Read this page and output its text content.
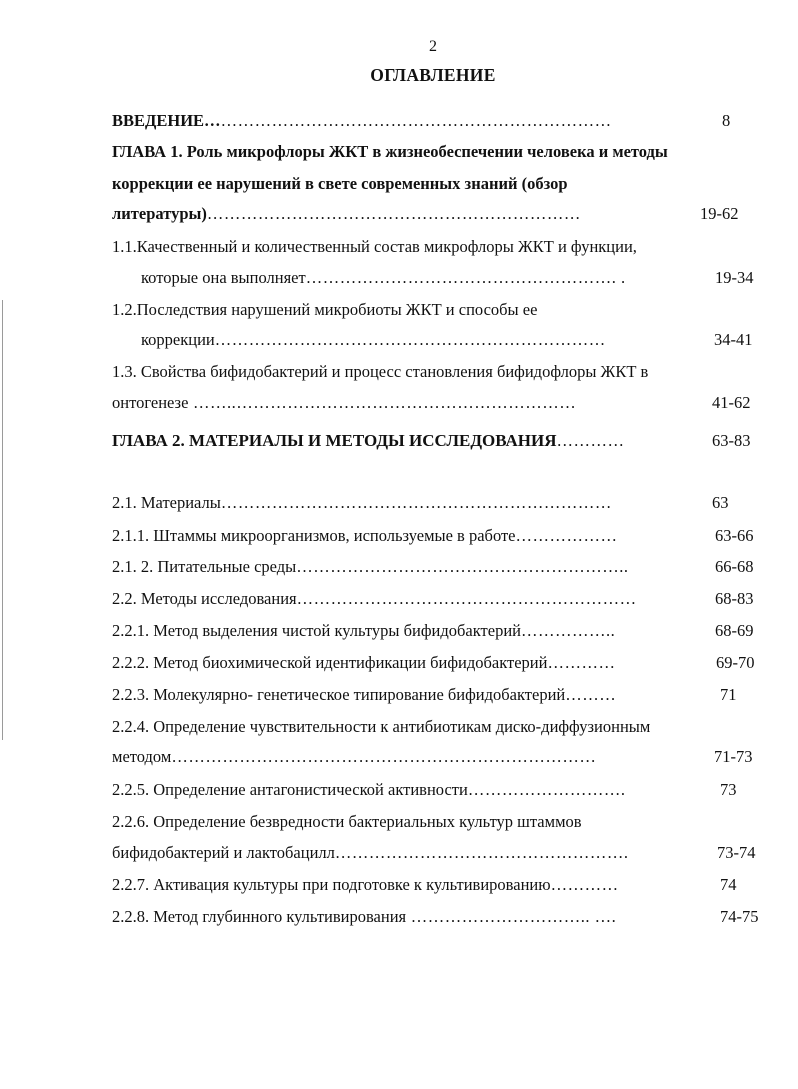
2
ОГЛАВЛЕНИЕ
ВВЕДЕНИЕ………………………………………………………………	8
ГЛАВА 1. Роль микрофлоры ЖКТ в жизнеобеспечении человека и методы
коррекции ее нарушений в свете современных знаний (обзор
литературы)…………………………………………………………	19-62
1.1.Качественный и количественный состав микрофлоры ЖКТ и функции,
которые она выполняет………………………………………………. .	19-34
1.2.Последствия нарушений микробиоты ЖКТ и способы ее
коррекции……………………………………………………………	34-41
1.3. Свойства бифидобактерий и процесс становления бифидофлоры ЖКТ в
онтогенезе ……..……………………………………………………	41-62
ГЛАВА 2. МАТЕРИАЛЫ И МЕТОДЫ ИССЛЕДОВАНИЯ…………	63-83
2.1. Материалы……………………………………………………………	63
2.1.1. Штаммы микроорганизмов, используемые в работе………………	63-66
2.1. 2. Питательные среды…………………………………………………..	66-68
2.2. Методы исследования……………………………………………………	68-83
2.2.1. Метод выделения чистой культуры бифидобактерий……………..	68-69
2.2.2. Метод биохимической идентификации бифидобактерий…………	69-70
2.2.3. Молекулярно- генетическое типирование бифидобактерий………	71
2.2.4. Определение чувствительности к антибиотикам диско-диффузионным
методом…………………………………………………………………	71-73
2.2.5. Определение антагонистической активности……………………….	73
2.2.6. Определение безвредности бактериальных культур штаммов
бифидобактерий и лактобацилл…………………………………………….	73-74
2.2.7. Активация культуры при подготовке к культивированию…………	74
2.2.8. Метод глубинного культивирования ………………………….. ….	74-75
